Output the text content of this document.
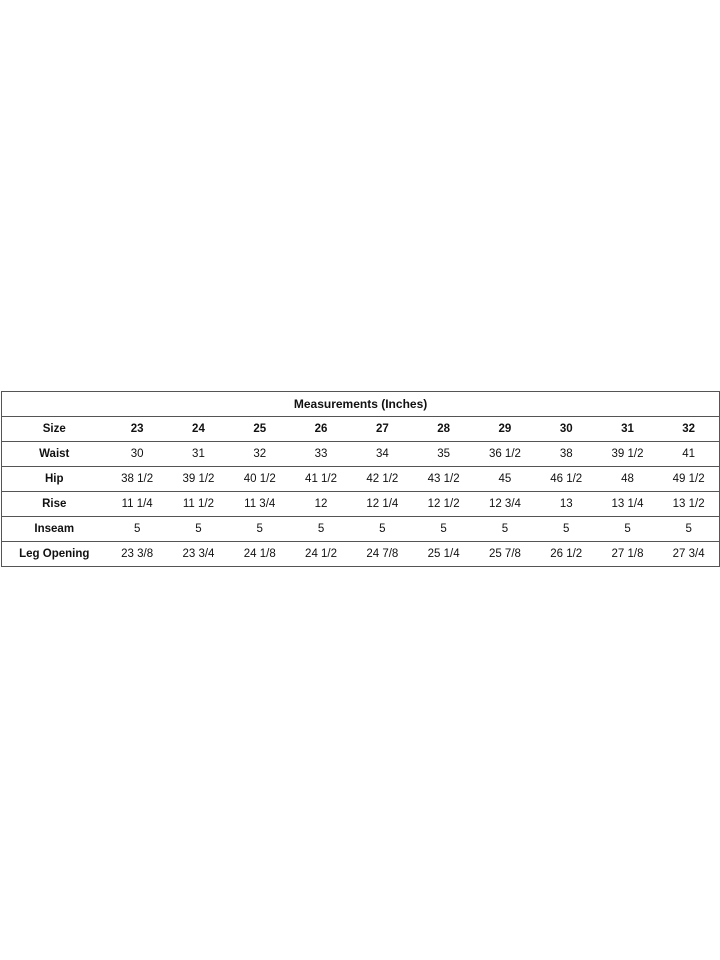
Measurements (Inches)										
Size	23	24	25	26	27	28	29	30	31	32
Waist	30	31	32	33	34	35	36 1/2	38	39 1/2	41
Hip	38 1/2	39 1/2	40 1/2	41 1/2	42 1/2	43 1/2	45	46 1/2	48	49 1/2
Rise	11 1/4	11 1/2	11 3/4	12	12 1/4	12 1/2	12 3/4	13	13 1/4	13 1/2
Inseam	5	5	5	5	5	5	5	5	5	5
Leg Opening	23 3/8	23 3/4	24 1/8	24 1/2	24 7/8	25 1/4	25 7/8	26 1/2	27 1/8	27 3/4
